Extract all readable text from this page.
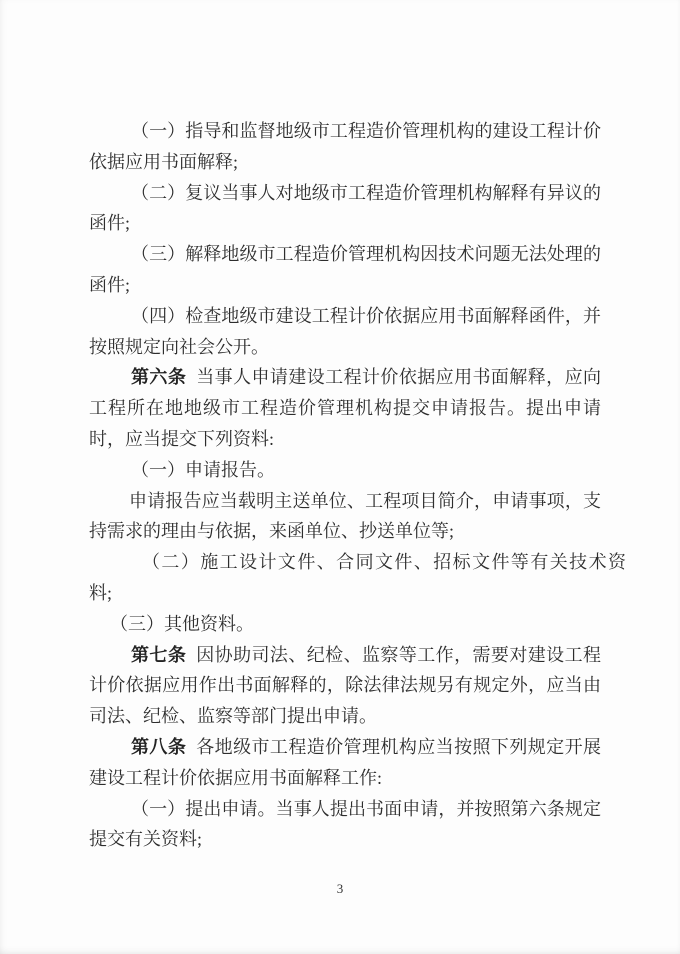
（一）指导和监督地级市工程造价管理机构的建设工程计价
依据应用书面解释;
（二）复议当事人对地级市工程造价管理机构解释有异议的
函件;
（三）解释地级市工程造价管理机构因技术问题无法处理的
函件;
（四）检查地级市建设工程计价依据应用书面解释函件，并
按照规定向社会公开。
第六条 当事人申请建设工程计价依据应用书面解释，应向
工程所在地地级市工程造价管理机构提交申请报告。提出申请
时，应当提交下列资料:
（一）申请报告。
申请报告应当载明主送单位、工程项目简介，申请事项，支
持需求的理由与依据，来函单位、抄送单位等;
（二）施工设计文件、合同文件、招标文件等有关技术资
料;
（三）其他资料。
第七条 因协助司法、纪检、监察等工作，需要对建设工程
计价依据应用作出书面解释的，除法律法规另有规定外，应当由
司法、纪检、监察等部门提出申请。
第八条 各地级市工程造价管理机构应当按照下列规定开展
建设工程计价依据应用书面解释工作:
（一）提出申请。当事人提出书面申请，并按照第六条规定
提交有关资料;
3
